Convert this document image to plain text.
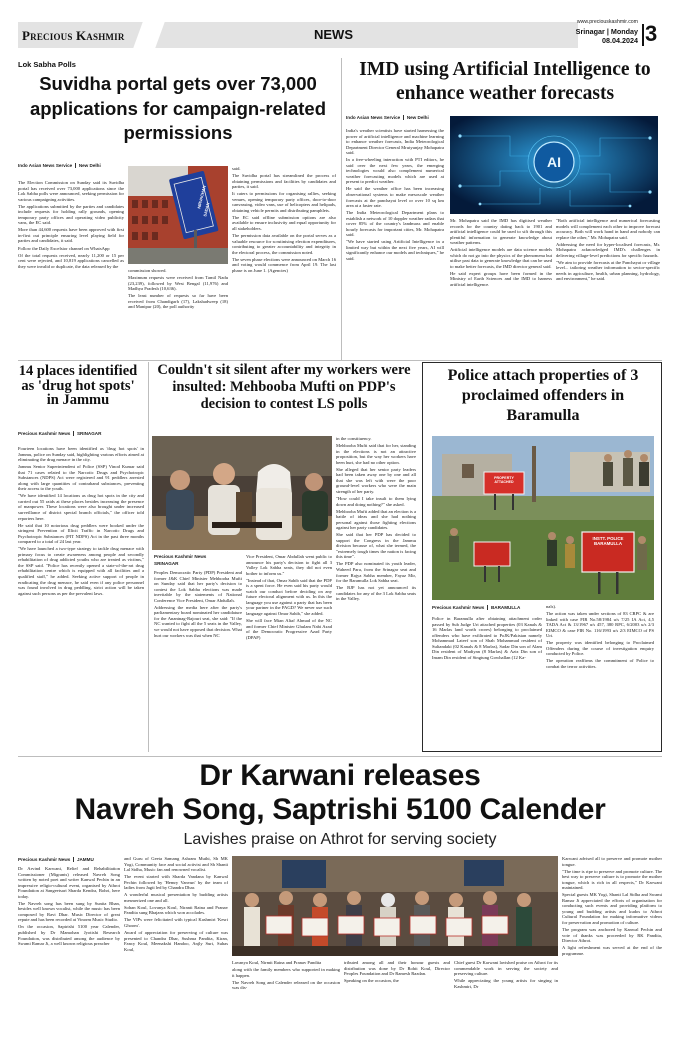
Precious Kashmir	NEWS
www.preciouskashmir.com
Srinagar | Monday
08.04.2024 3
Lok Sabha Polls
Suvidha portal gets over 73,000 applications for campaign-related permissions
Indo Asian News Service New Delhi

The Election Commission on Sunday said its Suvidha portal has received over 73,000 applications since the Lok Sabha polls were announced, seeking permission for various campaigning activities.

The applications submitted by the parties and candidates include requests for holding rally grounds, opening temporary party offices and operating video publicity vans, the EC said.

More than 44,600 requests have been approved with first in-first out principle ensuring level playing field for parties and candidates, it said.

Follow the Daily Excelsior channel on WhatsApp

Of the total requests received, nearly 11,200 or 15 per cent were rejected, and 10,819 applications cancelled as they were invalid or duplicate, the data released by the

NIRVACHAN
SADAN

commission showed.

Maximum requests were received from Tamil Nadu (23,239), followed by West Bengal (11,976) and Madhya Pradesh (10,636).

The least number of requests so far have been received from Chandigarh (17), Lakshadweep (18) and Manipur (20), the poll authority

said.

The Suvidha portal has streamlined the process of obtaining permissions and facilities by candidates and parties, it said.

It caters to permissions for organising rallies, seeking venues, opening temporary party offices, door-to-door canvassing, video vans, use of helicopters and helipads, obtaining vehicle permits and distributing pamphlets.

The EC said offline submission options are also available to ensure inclusivity and equal opportunity for all stakeholders.

The permission data available on the portal serves as a valuable resource for scrutinising election expenditures, contributing to greater accountability and integrity in the electoral process, the commission noted.

The seven phase elections were announced on March 16 and voting would commence from April 19. The last phase is on June 1. (Agencies)

IMD using Artificial Intelligence to enhance weather forecasts
Indo Asian News Service New Delhi

India's weather scientists have started harnessing the power of artificial intelligence and machine learning to enhance weather forecasts, India Meteorological Department Director General Mrutyunjay Mohapatra said.

In a free-wheeling interaction with PTI editors, he said over the next few years, the emerging technologies would also complement numerical weather forecasting models which are used at present to predict weather.

He said the weather office has been increasing observational systems to make mesoscale weather forecasts at the panchayat level or over 10 sq km area at a faster rate.

The India Meteorological Department plans to establish a network of 10 doppler weather radars that cover 85% of the country's landmass and enable hourly forecasts for important cities, Mr. Mohapatra said.

"We have started using Artificial Intelligence in a limited way but within the next five years, AI will significantly enhance our models and techniques," he said.

AI

Mr. Mohapatra said the IMD has digitised weather records for the country dating back to 1901 and artificial intelligence could be used to sift through this plentiful information to generate knowledge about weather patterns.

Artificial intelligence models are data science models which do not go into the physics of the phenomena but utilise past data to generate knowledge that can be used to make better forecasts, the IMD director general said.

He said expert groups have been formed in the Ministry of Earth Sciences and the IMD to harness artificial intelligence.

"Both artificial intelligence and numerical forecasting models will complement each other to improve forecast accuracy. Both will work hand in hand and nobody can replace the other," Mr. Mohapatra said.

Addressing the need for hyper-localised forecasts, Mr. Mohapatra acknowledged IMD's challenges in delivering village-level predictions for specific hazards.

"We aim to provide forecasts at the Panchayat or village level... tailoring weather information to sector-specific needs in agriculture, health, urban planning, hydrology, and environment," he said.

14 places identified as 'drug hot spots' in Jammu
Precious Kashmir News SRINAGAR

Fourteen locations have been identified as 'drug hot spots' in Jammu, police on Sunday said, highlighting various efforts aimed at eliminating the drug menace in the city.

Jammu Senior Superintendent of Police (SSP) Vinod Kumar said that 71 cases related to the Narcotic Drugs and Psychotropic Substances (NDPS) Act were registered and 91 peddlers arrested along with large quantities of contraband substances, preventing their access to the youth.

"We have identified 14 locations as drug hot spots in the city and carried out 55 raids at these places besides increasing the presence of manpower. These locations were also brought under increased surveillance of district special branch officials," the officer told reporters here.

He said that 10 notorious drug peddlers were booked under the stringent Prevention of Illicit Traffic in Narcotic Drugs and Psychotropic Substances (PIT NDPS) Act in the past three months compared to a total of 24 last year.

"We have launched a two-type strategy to tackle drug menace with primary focus to create awareness among people and secondly rehabilitation of drug addicted youths who are treated as victims," the SSP said. "Police has recently opened a state-of-the-art drug rehabilitation centre which is equipped with all facilities and a qualified staff," he added. Seeking active support of people in eradicating the drug menace, he said even if any police personnel was found involved in drug peddling, strict action will be taken against such persons as per the prevalent laws.

Couldn't sit silent after my workers were insulted: Mehbooba Mufti on PDP's decision to contest LS polls
Precious Kashmir News
SRINAGAR

Peoples Democratic Party (PDP) President and former J&K Chief Minister Mehbooba Mufti on Sunday said that her party's decision to contest the Lok Sabha elections was made inevitable by the statements of National Conference Vice President, Omar Abdullah.

Addressing the media here after the party's parliamentary board nominated her candidature for the Anantnag-Rajouri seat, she said: "If the NC wanted to fight all the 5 seats in the Valley, we would not have opposed that decision. What hurt our workers was that when NC

Vice President, Omar Abdullah went public to announce his party's decision to fight all 3 Valley Lok Sabha seats, they did not even bother to inform us."

"Instead of that, Omar Sahib said that the PDP is a spent force. He even said his party would watch our conduct before deciding on any future electoral alignment with us. In this the language you use against a party that has been your partner in the PAGD? We never use such language against Omar Sahib," she added.

She will face Mian Altaf Ahmad of the NC and former Chief Minister Ghulam Nabi Azad of the Democratic Progressive Azad Party (DPAP)

in the constituency.

Mehbooba Mufti said that for her, standing in the elections is not an attractive proposition, but the way her workers have been hurt, she had no other option.

She alleged that her senior party leaders had been taken away one by one and all that she was left with were the poor ground-level workers who were the main strength of her party.

"How could I take insult to them lying down and doing nothing?" she asked.

Mehbooba Mufti added that an election is a battle of ideas and she had nothing personal against those fighting elections against her party candidates.

She said that her PDP has decided to support the Congress in the Jammu division because of, what she termed, the "extremely tough times the nation is facing this time".

The PDP also nominated its youth leader, Waheed Para, from the Srinagar seat and former Rajya Sabha member, Fayaz Mir, for the Baramulla Lok Sabha seat.

The BJP has not yet announced its candidates for any of the 3 Lok Sabha seats in the Valley.

Police attach properties of 3 proclaimed offenders in Baramulla
PROPERTY ATTACHED
INSTT. POLICE BARAMULLA
Precious Kashmir News BARAMULLA

Police in Baramulla after obtaining attachment order passed by Sub Judge Uri attached properties (03 Kanals & 16 Marlas land worth crores) belonging to proclaimed offenders who have exfiltrated to PoJK/Pakistan namely Mohammad Lateef son of Shah Mohammad resident of Sultandaki (02 Kanals & 8 Marlas), Sadar Din son of Alam Din resident of Madiyan (8 Marlas) & Aziz Din son of Imam Din resident of Singtung Gowhallan (12 Ka-

nals).

The action was taken under sections of 83 CRPC & are linked with case FIR No.58/1984 u/s 7/25 IA Act, 4,5 TADA Act & 13/1967 u/s 457, 380 RPC, 6/2003 u/s 2/3 EIMCO & case FIR No. 116/1993 u/s 2/3 EIMCO of PS Uri.

The property was identified belonging to Proclaimed Offenders during the course of investigation enquiry conducted by Police.

The operation reaffirms the commitment of Police to combat the terror activities.

Dr Karwani releases
Navreh Song, Saptrishi 5100 Calender
Lavishes praise on Athrot for serving society
Precious Kashmir News JAMMU

Dr Arvind Karwani, Relief and Rehabilitation Commissioner (Migrants) released Navreh Song written by noted poet and writer Kanwal Pechin in an impressive religio-cultural event, organised by Athrot Foundation at Sangeetsari Sharda Kendra, Bohri, here today.

The Navreh song has been sung by Sunita Bhan, besides well known vocalist, while the music has been composed by Ravi Dhar. Music Director of great repute and has been recorded at Vinorm Music Studio.

On the occasion, Saptrishi 5100 year Calender, published by Dr Mamohan Jyotishi Research Foundation, was distributed among the audience by Swami Ramar Ji, a well known religious preacher

and Guru of Geeta Samang Ashram Muthi, Sh MK Yogi, Community face and social activist and Sh Shanti Lal Sidha, Music fan and renowned vocalist.

The event started with Sharda Vandana by Kanwal Pechin followed by 'Hemry Vanvun' by the team of ladies from Jagti led by Chandra Dhar.

A wonderful musical presentation by budding artists mesmerized one and all.

Sohan Koul, Lovanya Koul, Niranti Raina and Pranav Pandita sung Bhajans which won accolades.

The VIPs were felicitated with typical Kashmiri 'Kesri Ghoom'.

Award of appreciation for preserving of culture was presented to Chandra Dhar, Sushma Pandita, Kiran, Fancy Koul, Meenakshi Handoo, Anjly Suri, Suhas Koul,

Lavanya Koul, Nirmit Raina and Pranav Pandita

along with the family members who supported in making it happen.

The Navreh Song and Calender released on the occasion was dis-

tributed among all and their honour guests and distribution was done by Dr Rohit Koul, Director Peoples Foundation and Dr Ramesh Razdan.

Speaking on the occasion, the

Chief guest Dr Karwani lavished praise on Athrot for its commendable work in serving the society and preserving culture.

While appreciating the young artists for singing in Kashmiri, Dr

Karwani advised all to preserve and promote mother tongue.

"The time is ripe to preserve and promote culture. The best way to preserve culture is to promote the mother tongue, which is rich in all respects," Dr Karwani maintained.

Special guests MK Yogi, Shanti Lal Sidha and Swami Ramar Ji appreciated the efforts of organisation for conducting such events and providing platform to young and budding artists and kudos to Athrot Cultural Foundation for making informative videos for preservation and promotion of culture.

The program was anchored by Kanwal Pechin and vote of thanks was proceeded by RK Pandita, Director Athrot.

A light refreshment was served at the end of the programme.
